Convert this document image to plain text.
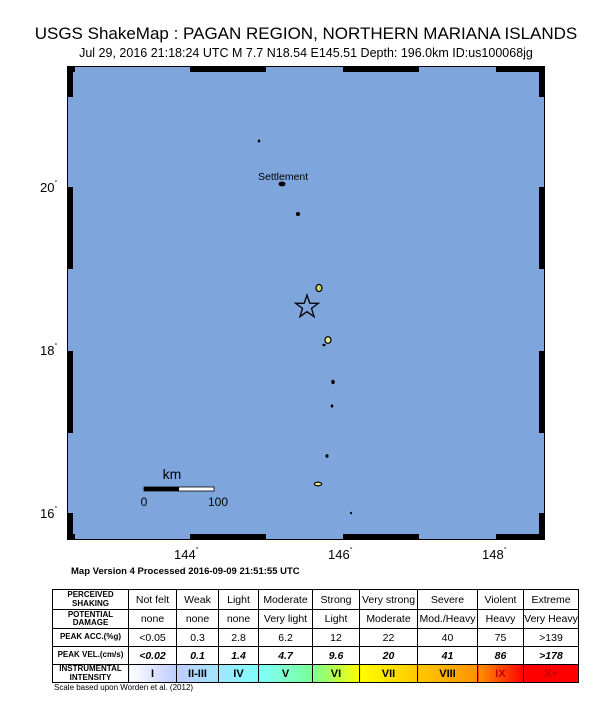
USGS ShakeMap : PAGAN REGION, NORTHERN MARIANA ISLANDS
Jul 29, 2016 21:18:24 UTC M 7.7 N18.54 E145.51 Depth: 196.0km ID:us100068jg
Settlement
km
0	100
20°
18°
16°
144°	146°	148°
Map Version 4 Processed 2016-09-09 21:51:55 UTC
PERCEIVED
SHAKING	Not felt	Weak	Light	Moderate	Strong	Very strong	Severe	Violent	Extreme

POTENTIAL
DAMAGE	none	none	none	Very light	Light	Moderate	Mod./Heavy	Heavy	Very Heavy

PEAK ACC.(%g)	<0.05	0.3	2.8	6.2	12	22	40	75	>139

PEAK VEL.(cm/s)	<0.02	0.1	1.4	4.7	9.6	20	41	86	>178

INSTRUMENTAL
INTENSITY	I	II-III	IV	V	VI	VII	VIII	IX	X+
Scale based upon Worden et al. (2012)
